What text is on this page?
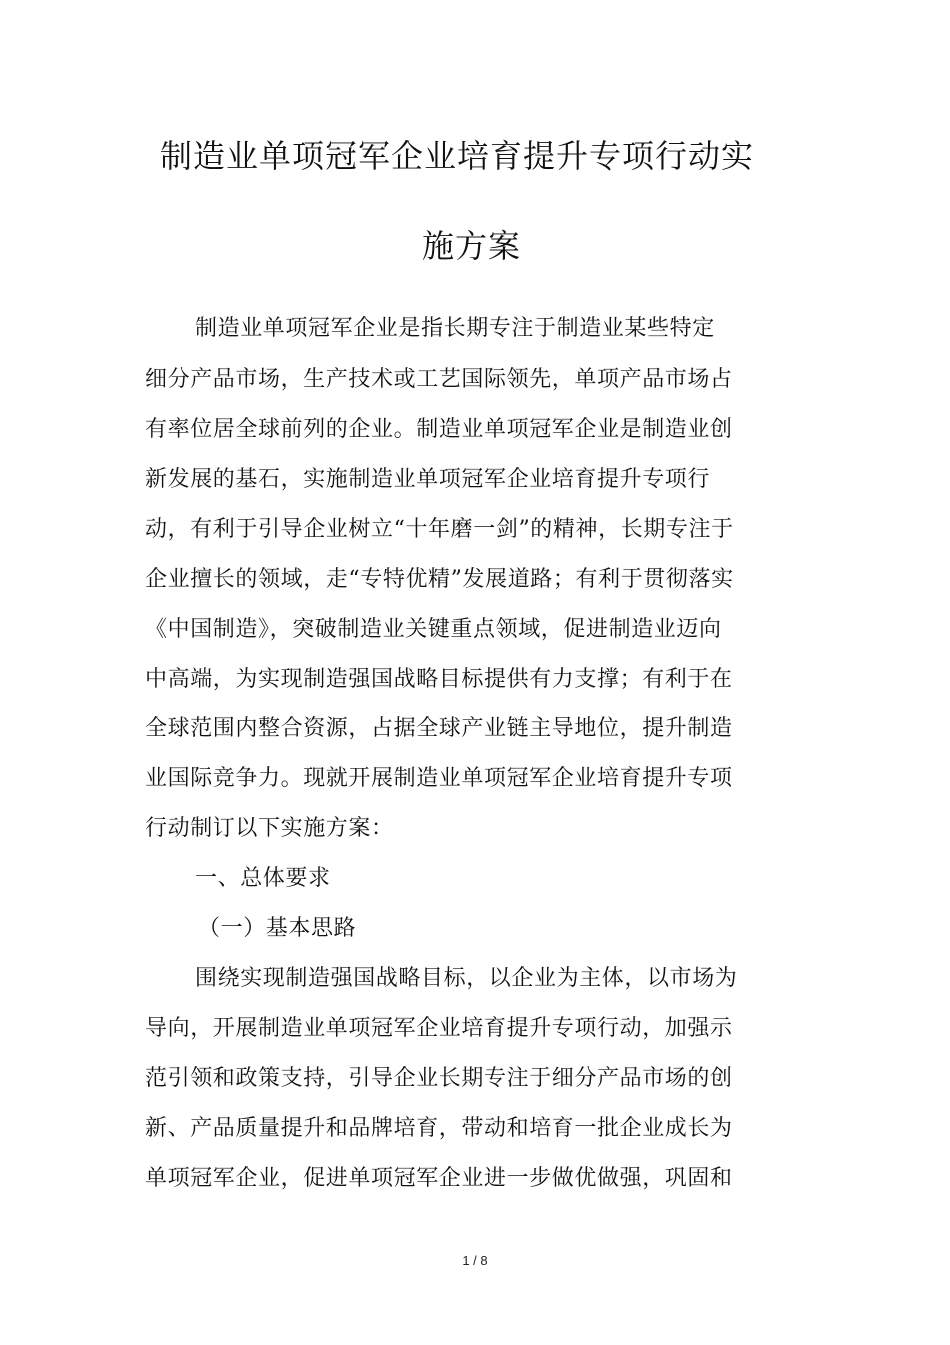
制造业单项冠军企业培育提升专项行动实
施方案
制造业单项冠军企业是指长期专注于制造业某些特定
细分产品市场，生产技术或工艺国际领先，单项产品市场占
有率位居全球前列的企业。制造业单项冠军企业是制造业创
新发展的基石，实施制造业单项冠军企业培育提升专项行
动，有利于引导企业树立“十年磨一剑”的精神，长期专注于
企业擅长的领域，走“专特优精”发展道路；有利于贯彻落实
《中国制造》，突破制造业关键重点领域，促进制造业迈向
中高端，为实现制造强国战略目标提供有力支撑；有利于在
全球范围内整合资源，占据全球产业链主导地位，提升制造
业国际竞争力。现就开展制造业单项冠军企业培育提升专项
行动制订以下实施方案：
一、总体要求
（一）基本思路
围绕实现制造强国战略目标，以企业为主体，以市场为
导向，开展制造业单项冠军企业培育提升专项行动，加强示
范引领和政策支持，引导企业长期专注于细分产品市场的创
新、产品质量提升和品牌培育，带动和培育一批企业成长为
单项冠军企业，促进单项冠军企业进一步做优做强，巩固和
1 / 8
